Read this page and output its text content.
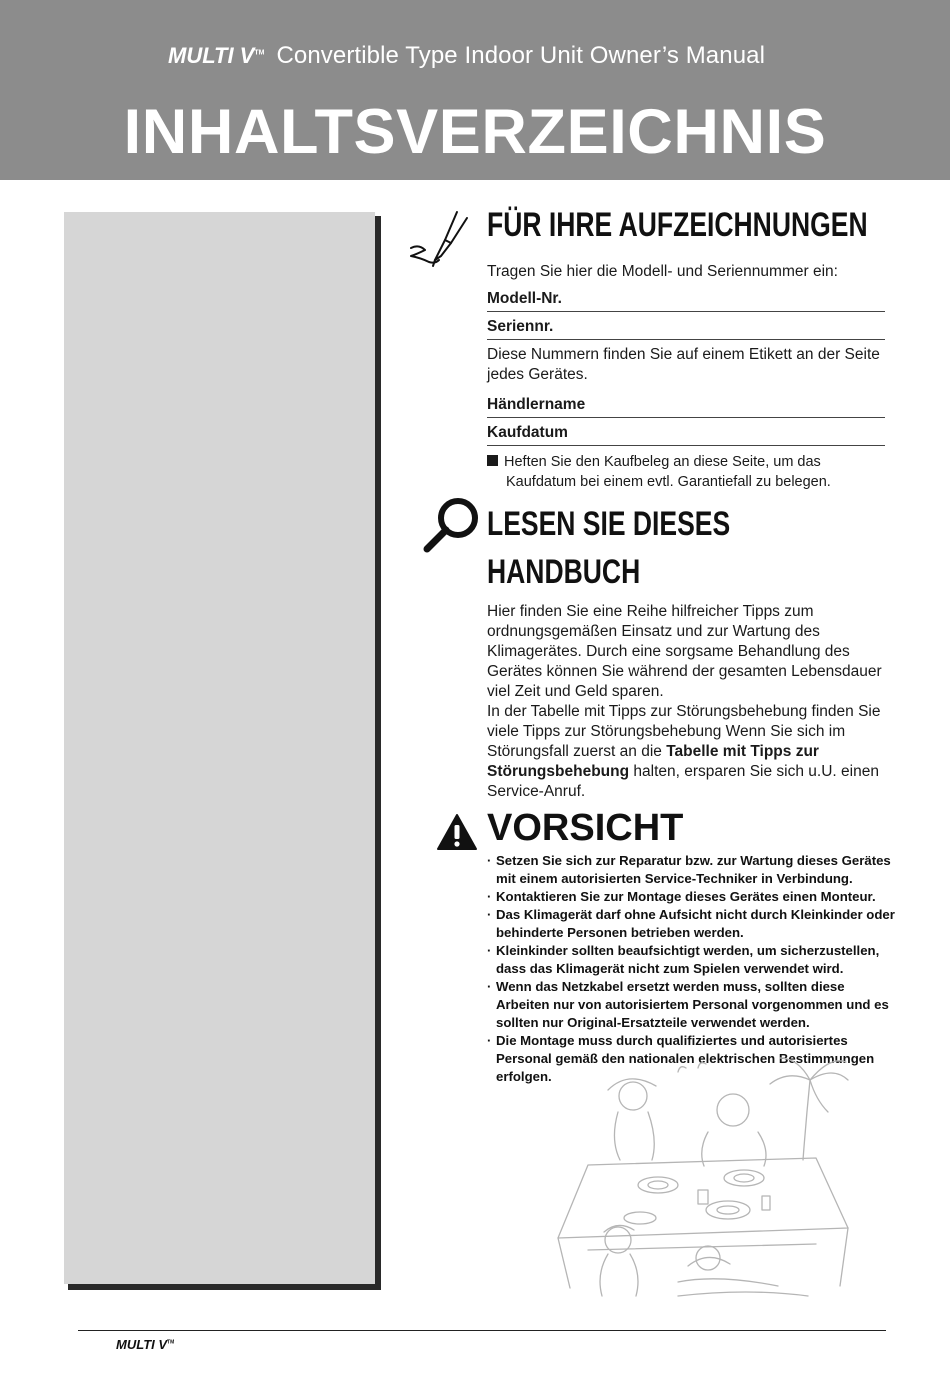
MULTI V™ Convertible Type Indoor Unit Owner’s Manual
INHALTSVERZEICHNIS
FÜR IHRE AUFZEICHNUNGEN
Tragen Sie hier die Modell- und Seriennummer ein:
Modell-Nr.
Seriennr.
Diese Nummern finden Sie auf einem Etikett an der Seite jedes Gerätes.
Händlername
Kaufdatum
Heften Sie den Kaufbeleg an diese Seite, um das
Kaufdatum bei einem evtl. Garantiefall zu belegen.
LESEN SIE DIESES
HANDBUCH
Hier finden Sie eine Reihe hilfreicher Tipps zum ordnungsgemäßen Einsatz und zur Wartung des Klimagerätes. Durch eine sorgsame Behandlung des Gerätes können Sie während der gesamten Lebensdauer viel Zeit und Geld sparen.
In der Tabelle mit Tipps zur Störungsbehebung finden Sie viele Tipps zur Störungsbehebung Wenn Sie sich im Störungsfall zuerst an die Tabelle mit Tipps zur Störungsbehebung halten, ersparen Sie sich u.U. einen Service-Anruf.
VORSICHT
· Setzen Sie sich zur Reparatur bzw. zur Wartung dieses Gerätes mit einem autorisierten Service-Techniker in Verbindung.
· Kontaktieren Sie zur Montage dieses Gerätes einen Monteur.
· Das Klimagerät darf ohne Aufsicht nicht durch Kleinkinder oder behinderte Personen betrieben werden.
· Kleinkinder sollten beaufsichtigt werden, um sicherzustellen, dass das Klimagerät nicht zum Spielen verwendet wird.
· Wenn das Netzkabel ersetzt werden muss, sollten diese Arbeiten nur von autorisiertem Personal vorgenommen und es sollten nur Original-Ersatzteile verwendet werden.
· Die Montage muss durch qualifiziertes und autorisiertes Personal gemäß den nationalen elektrischen Bestimmungen erfolgen.
MULTI V™
